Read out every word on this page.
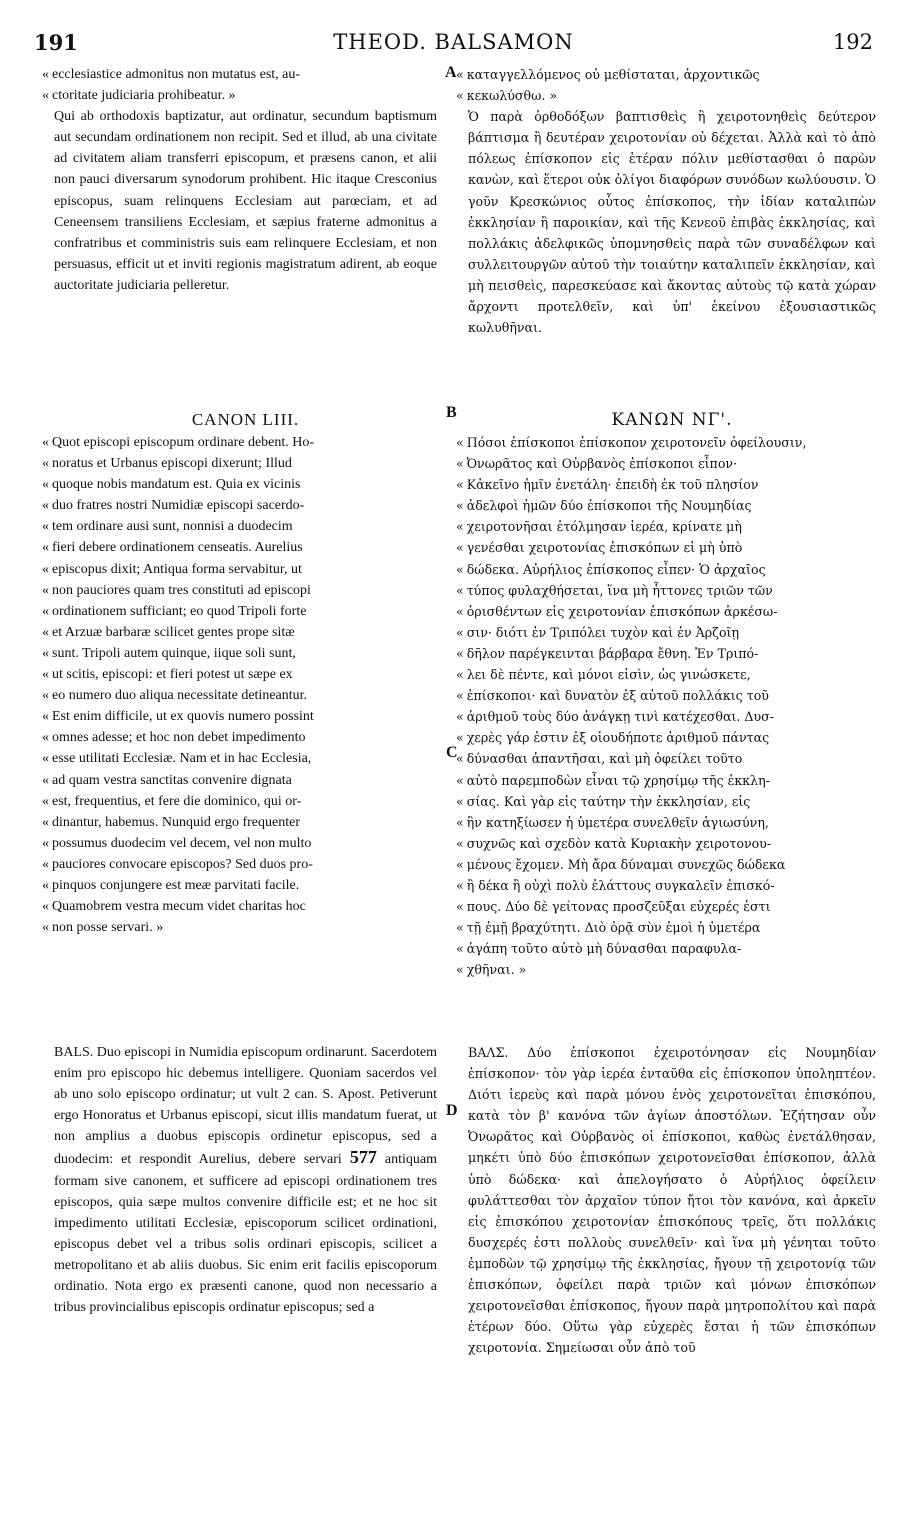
191	THEOD. BALSAMON	192
A
B
C
D

« ecclesiasticе admonitus non mutatus est, au-

« ctoritate judiciaria prohibeatur. »

Qui ab orthodoxis baptizatur, aut ordinatur, secundum baptismum aut secundam ordinationem non recipit. Sed et illud, ab una civitate ad civitatem aliam transferri episcopum, et præsens canon, et alii non pauci diversarum synodorum prohibent. Hic itaque Cresconius episcopus, suam relinquens Ecclesiam aut parœciam, et ad Ceneensem transiliens Ecclesiam, et sæpius fraterne admonitus a confratribus et comministris suis eam relinquere Ecclesiam, et non persuasus, efficit ut et inviti regionis magistratum adirent, ab eoque auctoritate judiciaria pelleretur.

CANON LIII.

« Quot episcopi episcopum ordinare debent. Ho-

« noratus et Urbanus episcopi dixerunt; Illud

« quoque nobis mandatum est. Quia ex vicinis

« duo fratres nostri Numidiæ episcopi sacerdo-

« tem ordinare ausi sunt, nonnisi a duodecim

« fieri debere ordinationem censeatis. Aurelius

« episcopus dixit; Antiqua forma servabitur, ut

« non pauciores quam tres constituti ad episcopi

« ordinationem sufficiant; eo quod Tripoli forte

« et Arzuæ barbaræ scilicet gentes prope sitæ

« sunt. Tripoli autem quinque, iique soli sunt,

« ut scitis, episcopi: et fieri potest ut sæpe ex

« eo numero duo aliqua necessitate detineantur.

« Est enim difficile, ut ex quovis numero possint

« omnes adesse; et hoc non debet impedimento

« esse utilitati Ecclesiæ. Nam et in hac Ecclesia,

« ad quam vestra sanctitas convenire dignata

« est, frequentius, et fere die dominico, qui or-

« dinantur, habemus. Nunquid ergo frequenter

« possumus duodecim vel decem, vel non multo

« pauciores convocare episcopos? Sed duos pro-

« pinquos conjungere est meæ parvitati facile.

« Quamobrem vestra mecum videt charitas hoc

« non posse servari. »

BALS. Duo episcopi in Numidia episcopum ordinarunt. Sacerdotem enim pro episcopo hic debemus intelligere. Quoniam sacerdos vel ab uno solo episcopo ordinatur; ut vult 2 can. S. Apost. Petiverunt ergo Honoratus et Urbanus episcopi, sicut illis mandatum fuerat, ut non amplius a duobus episcopis ordinetur episcopus, sed a duodecim: et respondit Aurelius, debere servari 577 antiquam formam sive canonem, et sufficere ad episcopi ordinationem tres episcopos, quia sæpe multos convenire difficile est; et ne hoc sit impedimento utilitati Ecclesiæ, episcoporum scilicet ordinationi, episcopus debet vel a tribus solis ordinari episcopis, scilicet a metropolitano et ab aliis duobus. Sic enim erit facilis episcoporum ordinatio. Nota ergo ex præsenti canone, quod non necessario a tribus provincialibus episcopis ordinatur episcopus; sed a

« καταγγελλόμενος οὐ μεθίσταται, ἀρχοντικῶς

« κεκωλύσθω. »

Ὁ παρὰ ὀρθοδόξων βαπτισθεὶς ἢ χειροτονηθεὶς δεύτερον βάπτισμα ἢ δευτέραν χειροτονίαν οὐ δέχεται. Ἀλλὰ καὶ τὸ ἀπὸ πόλεως ἐπίσκοπον εἰς ἑτέραν πόλιν μεθίστασθαι ὁ παρὼν κανὼν, καὶ ἕτεροι οὐκ ὀλίγοι διαφόρων συνόδων κωλύουσιν. Ὁ γοῦν Κρεσκώνιος οὗτος ἐπίσκοπος, τὴν ἰδίαν καταλιπὼν ἐκκλησίαν ἢ παροικίαν, καὶ τῆς Κενεοῦ ἐπιβὰς ἐκκλησίας, καὶ πολλάκις ἀδελφικῶς ὑπομνησθεὶς παρὰ τῶν συναδέλφων καὶ συλλειτουργῶν αὐτοῦ τὴν τοιαύτην καταλιπεῖν ἐκκλησίαν, καὶ μὴ πεισθεὶς, παρεσκεύασε καὶ ἄκοντας αὐτοὺς τῷ κατὰ χώραν ἄρχοντι προτελθεῖν, καὶ ὑπ' ἐκείνου ἐξουσιαστικῶς κωλυθῆναι.

ΚΑΝΩΝ ΝΓ'.

« Πόσοι ἐπίσκοποι ἐπίσκοπον χειροτονεῖν ὀφείλουσιν,

« Ὀνωρᾶτος καὶ Οὐρβανὸς ἐπίσκοποι εἶπον·

« Κἀκεῖνο ἡμῖν ἐνετάλη· ἐπειδὴ ἐκ τοῦ πλησίον

« ἀδελφοὶ ἡμῶν δύο ἐπίσκοποι τῆς Νουμηδίας

« χειροτονῆσαι ἐτόλμησαν ἱερέα, κρίνατε μὴ

« γενέσθαι χειροτονίας ἐπισκόπων εἰ μὴ ὑπὸ

« δώδεκα. Αὐρήλιος ἐπίσκοπος εἶπεν· Ὁ ἀρχαῖος

« τύπος φυλαχθήσεται, ἵνα μὴ ἧττονες τριῶν τῶν

« ὁρισθέντων εἰς χειροτονίαν ἐπισκόπων ἀρκέσω-

« σιν· διότι ἐν Τριπόλει τυχὸν καὶ ἐν Ἀρζοῖῃ

« δῆλον παρέγκεινται βάρβαρα ἔθνη. Ἐν Τριπό-

« λει δὲ πέντε, καὶ μόνοι εἰσὶν, ὡς γινώσκετε,

« ἐπίσκοποι· καὶ δυνατὸν ἐξ αὐτοῦ πολλάκις τοῦ

« ἀριθμοῦ τοὺς δύο ἀνάγκῃ τινὶ κατέχεσθαι. Δυσ-

« χερὲς γάρ ἐστιν ἐξ οἱουδήποτε ἀριθμοῦ πάντας

« δύνασθαι ἀπαντῆσαι, καὶ μὴ ὀφείλει τοῦτο

« αὐτὸ παρεμποδὼν εἶναι τῷ χρησίμῳ τῆς ἐκκλη-

« σίας. Καὶ γὰρ εἰς ταύτην τὴν ἐκκλησίαν, εἰς

« ἣν κατηξίωσεν ἡ ὑμετέρα συνελθεῖν ἁγιωσύνη,

« συχνῶς καὶ σχεδὸν κατὰ Κυριακὴν χειροτονου-

« μένους ἔχομεν. Μὴ ἄρα δύναμαι συνεχῶς δώδεκα

« ἢ δέκα ἢ οὐχὶ πολὺ ἐλάττους συγκαλεῖν ἐπισκό-

« πους. Δύο δὲ γείτονας προσζεῦξαι εὐχερές ἐστι

« τῇ ἐμῇ βραχύτητι. Διὸ ὁρᾷ σὺν ἐμοὶ ἡ ὑμετέρα

« ἀγάπη τοῦτο αὐτὸ μὴ δύνασθαι παραφυλα-

« χθῆναι. »

ΒΑΛΣ. Δύο ἐπίσκοποι ἐχειροτόνησαν εἰς Νουμηδίαν ἐπίσκοπον· τὸν γὰρ ἱερέα ἐνταῦθα εἰς ἐπίσκοπον ὑποληπτέον. Διότι ἱερεὺς καὶ παρὰ μόνου ἑνὸς χειροτονεῖται ἐπισκόπου, κατὰ τὸν β' κανόνα τῶν ἁγίων ἀποστόλων. Ἐζήτησαν οὖν Ὀνωρᾶτος καὶ Οὐρβανὸς οἱ ἐπίσκοποι, καθὼς ἐνετάλθησαν, μηκέτι ὑπὸ δύο ἐπισκόπων χειροτονεῖσθαι ἐπίσκοπον, ἀλλὰ ὑπὸ δώδεκα· καὶ ἀπελογήσατο ὁ Αὐρήλιος ὀφείλειν φυλάττεσθαι τὸν ἀρχαῖον τύπον ἤτοι τὸν κανόνα, καὶ ἀρκεῖν εἰς ἐπισκόπου χειροτονίαν ἐπισκόπους τρεῖς, ὅτι πολλάκις δυσχερές ἐστι πολλοὺς συνελθεῖν· καὶ ἵνα μὴ γένηται τοῦτο ἐμποδὼν τῷ χρησίμῳ τῆς ἐκκλησίας, ἤγουν τῇ χειροτονίᾳ τῶν ἐπισκόπων, ὀφείλει παρὰ τριῶν καὶ μόνων ἐπισκόπων χειροτονεῖσθαι ἐπίσκοπος, ἤγουν παρὰ μητροπολίτου καὶ παρὰ ἑτέρων δύο. Οὕτω γὰρ εὐχερὲς ἔσται ἡ τῶν ἐπισκόπων χειροτονία. Σημείωσαι οὖν ἀπὸ τοῦ
